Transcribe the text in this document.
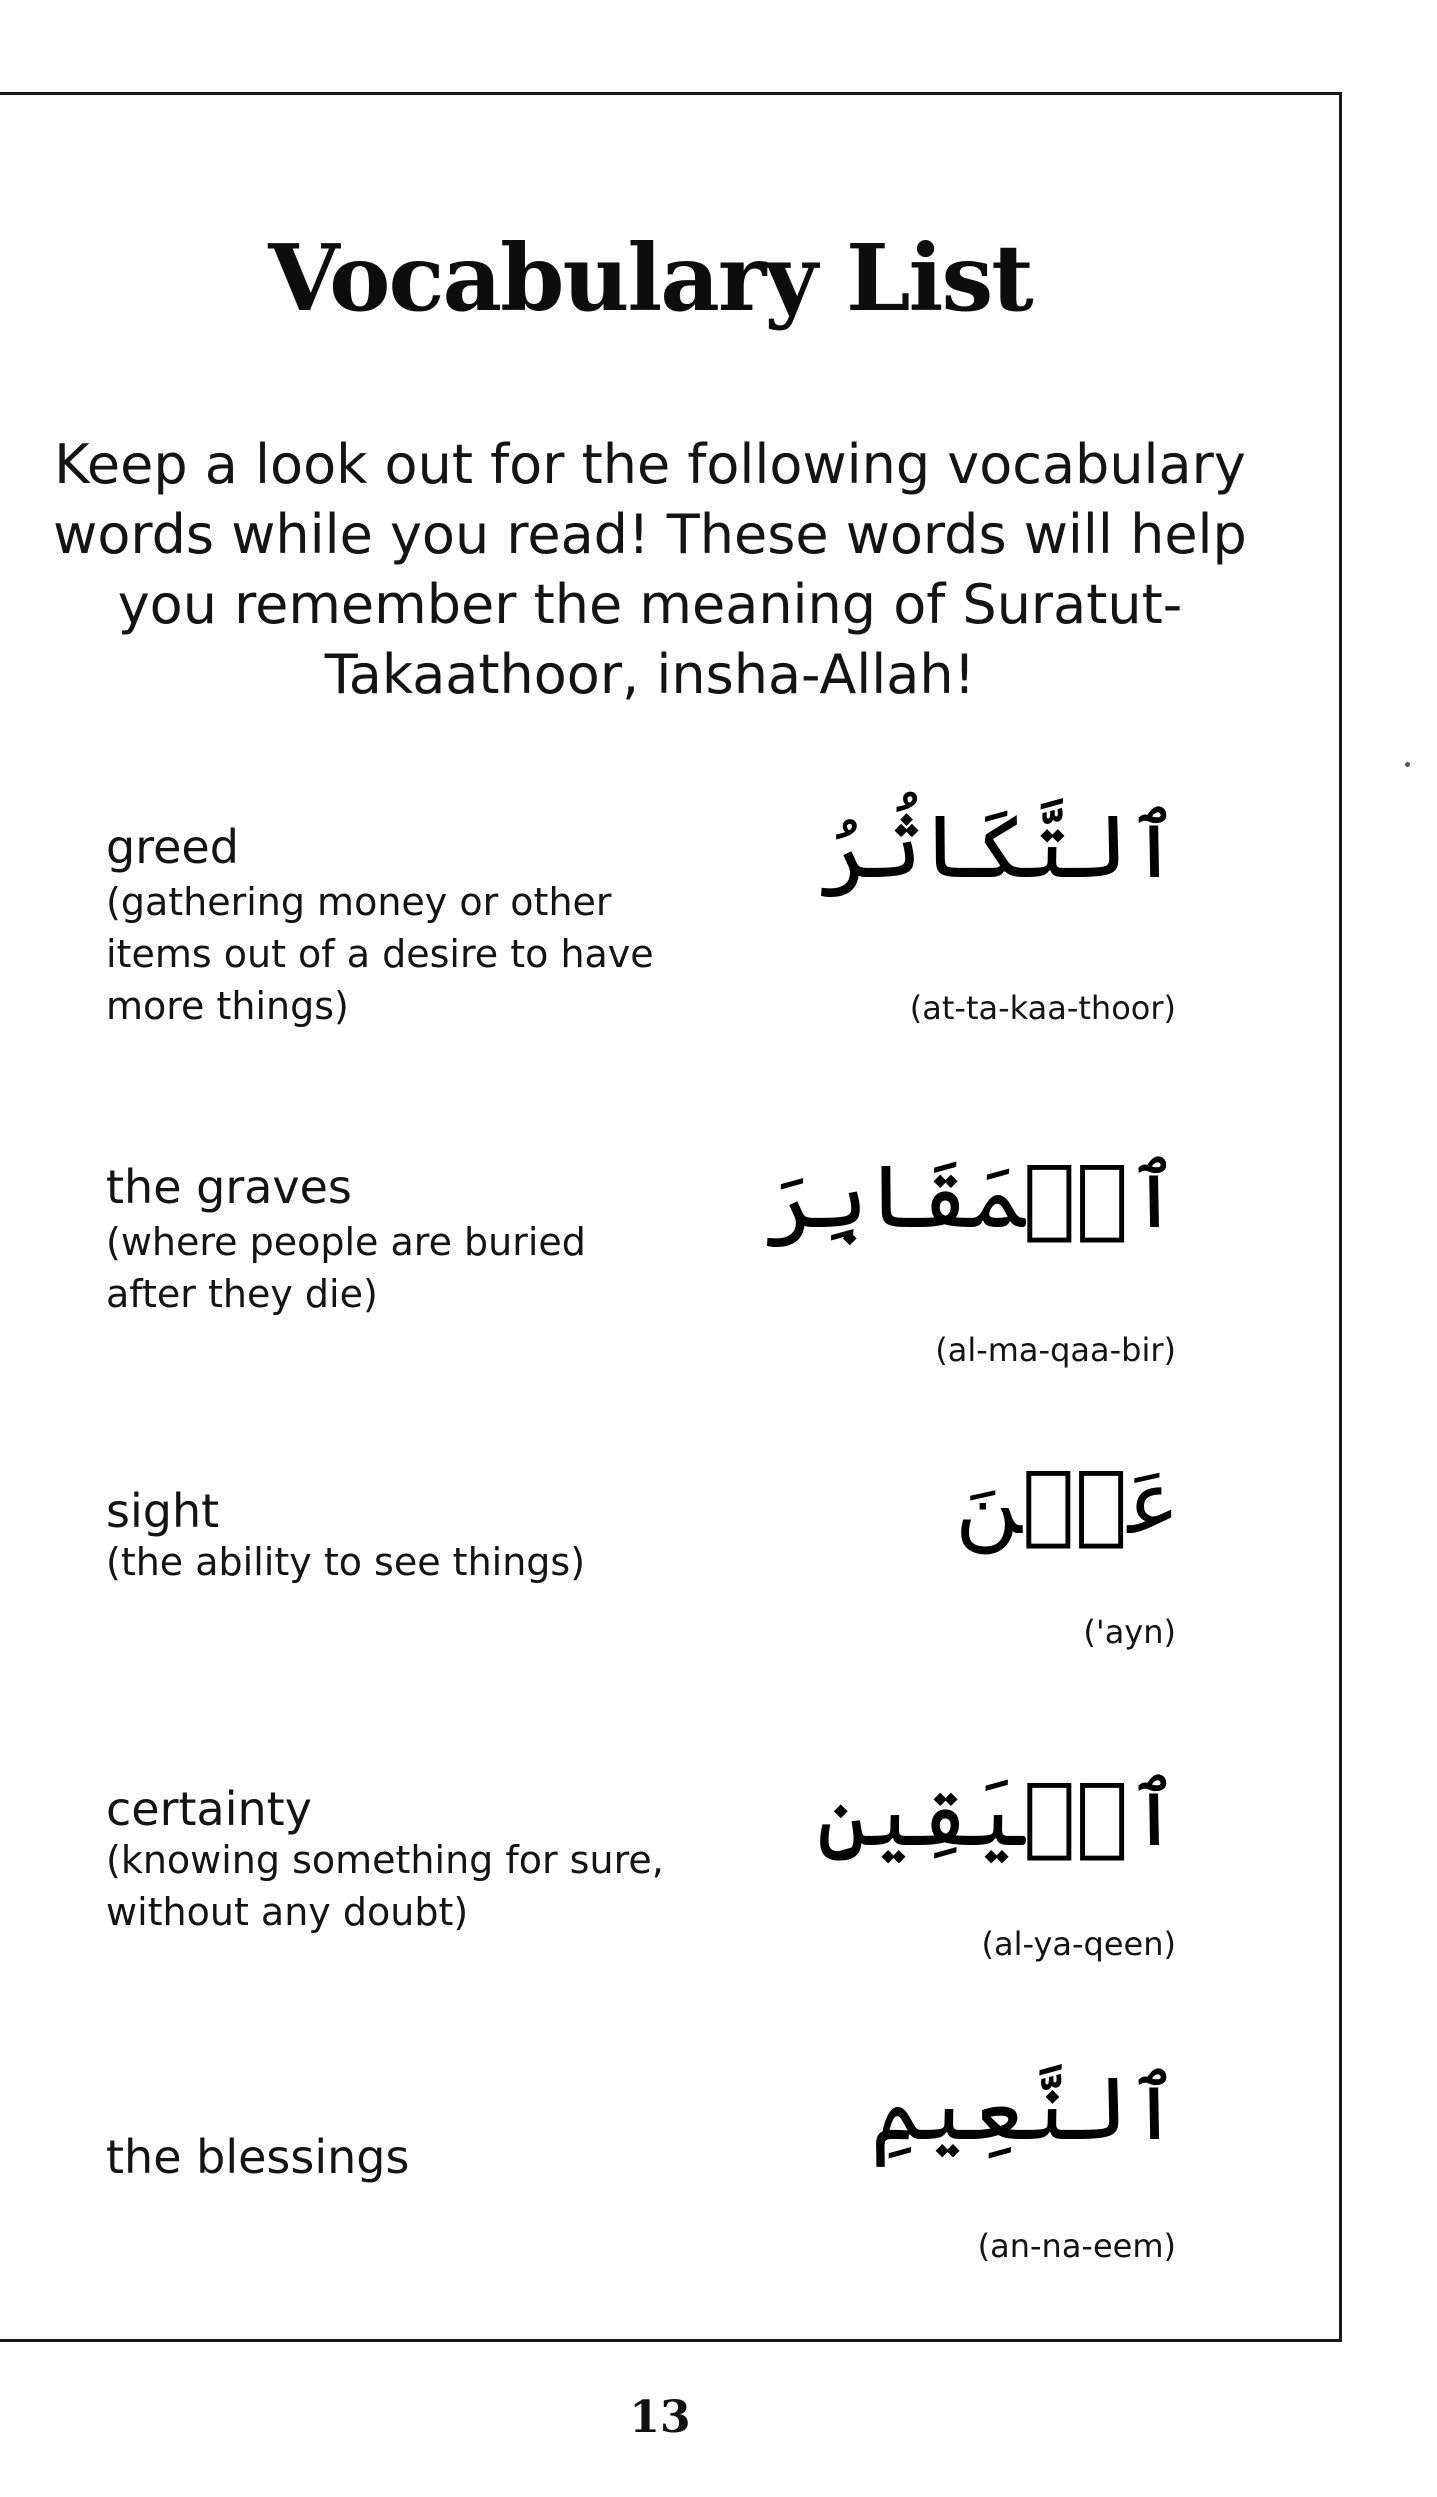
Vocabulary List

Keep a look out for the following vocabulary words while you read! These words will help you remember the meaning of Suratut-Takaathoor, insha-Allah!

greed
(gathering money or other
items out of a desire to have
more things)
ٱلتَّكَاثُرُ
(at-ta-kaa-thoor)
the graves
(where people are buried
after they die)
ٱلۡمَقَابِرَ
(al-ma-qaa-bir)
sight
(the ability to see things)
عَيۡنَ
('ayn)
certainty
(knowing something for sure,
without any doubt)
ٱلۡيَقِينِ
(al-ya-qeen)
the blessings	ٱلنَّعِيمِ
(an-na-eem)
13
